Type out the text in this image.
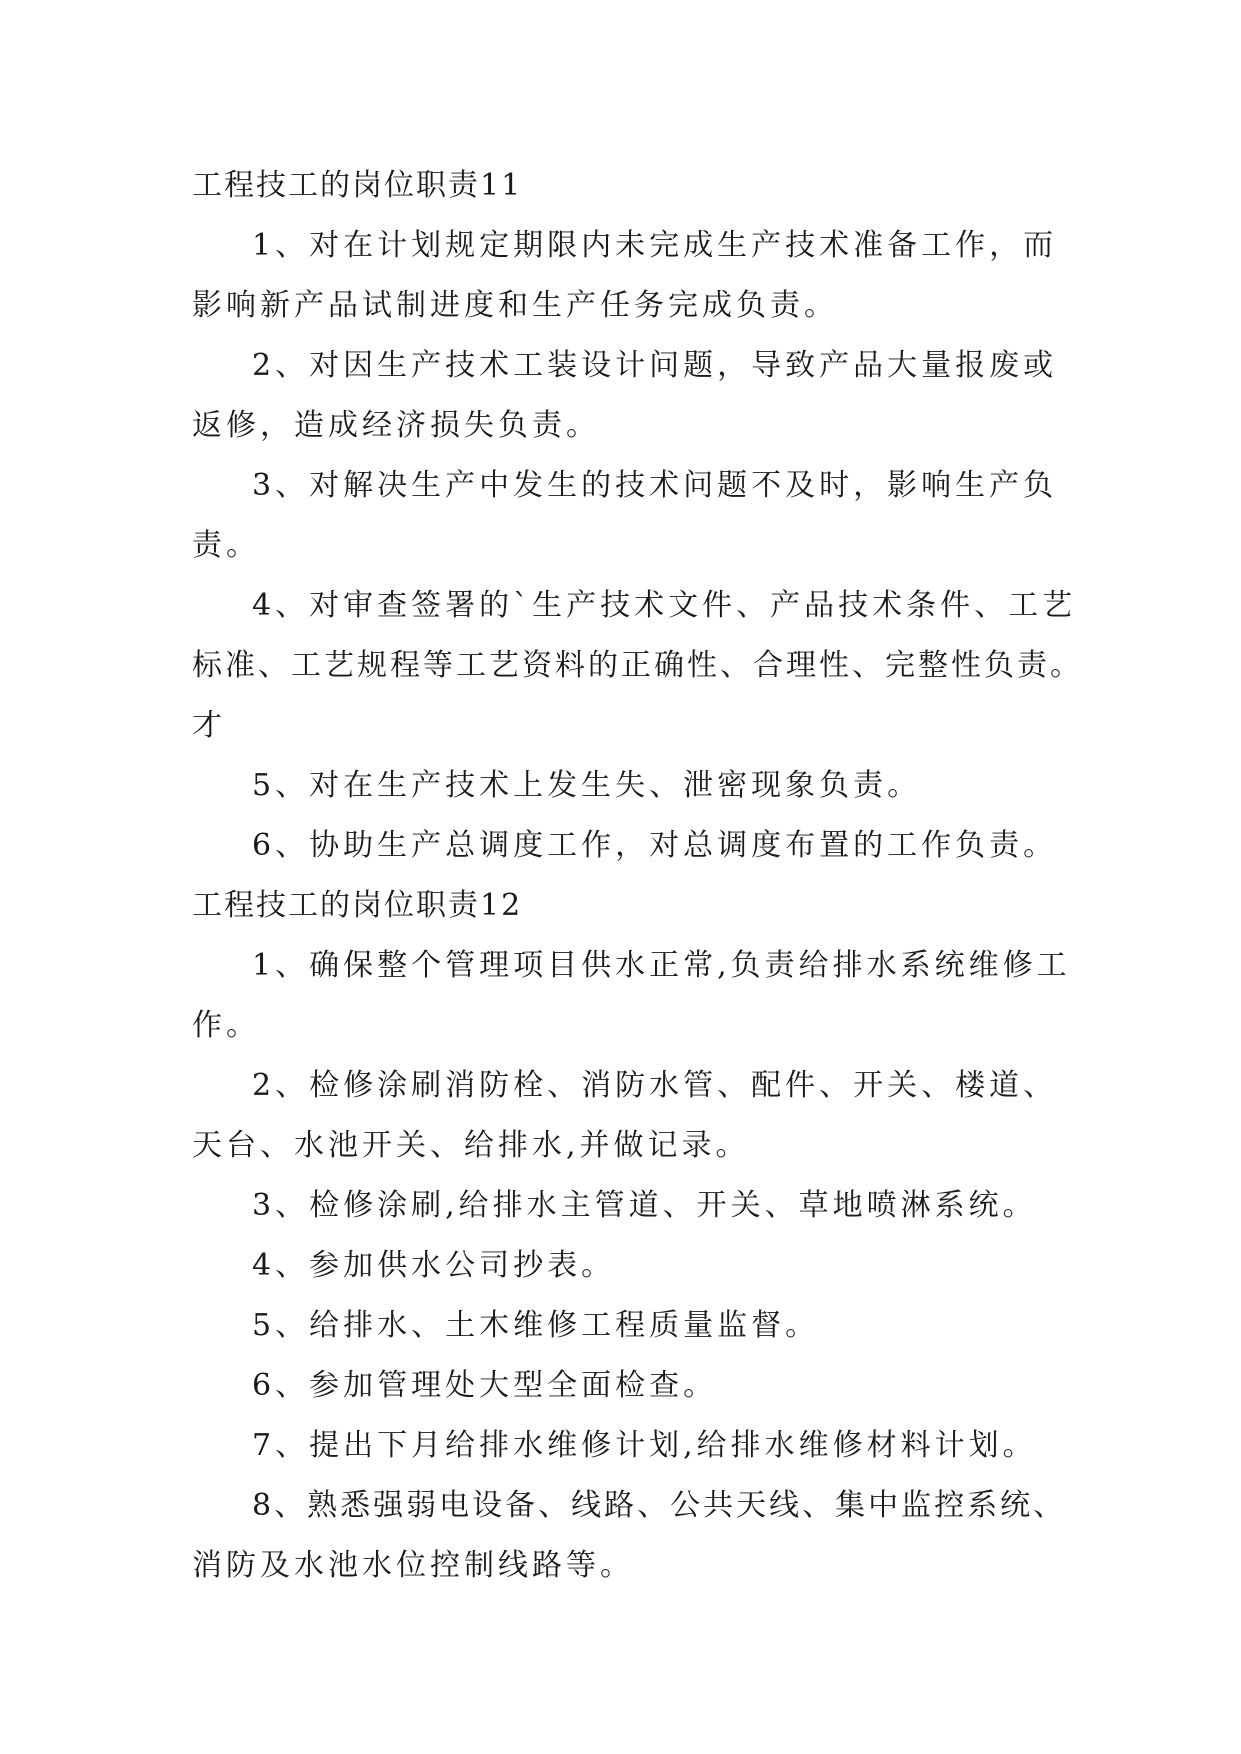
工程技工的岗位职责11
1、对在计划规定期限内未完成生产技术准备工作，而
影响新产品试制进度和生产任务完成负责。
2、对因生产技术工装设计问题，导致产品大量报废或
返修，造成经济损失负责。
3、对解决生产中发生的技术问题不及时，影响生产负
责。
4、对审查签署的`生产技术文件、产品技术条件、工艺
标准、工艺规程等工艺资料的正确性、合理性、完整性负责。
才
5、对在生产技术上发生失、泄密现象负责。
6、协助生产总调度工作，对总调度布置的工作负责。
工程技工的岗位职责12
1、确保整个管理项目供水正常,负责给排水系统维修工
作。
2、检修涂刷消防栓、消防水管、配件、开关、楼道、
天台、水池开关、给排水,并做记录。
3、检修涂刷,给排水主管道、开关、草地喷淋系统。
4、参加供水公司抄表。
5、给排水、土木维修工程质量监督。
6、参加管理处大型全面检查。
7、提出下月给排水维修计划,给排水维修材料计划。
8、熟悉强弱电设备、线路、公共天线、集中监控系统、
消防及水池水位控制线路等。
